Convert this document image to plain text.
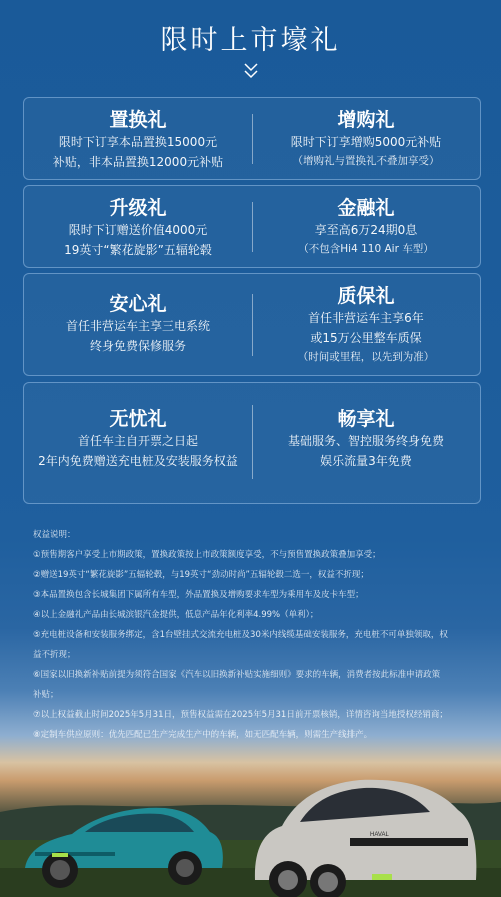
限时上市壕礼
置换礼
限时下订享本品置换15000元
补贴，非本品置换12000元补贴
增购礼
限时下订享增购5000元补贴
（增购礼与置换礼不叠加享受）
升级礼
限时下订赠送价值4000元
19英寸“繁花旋影”五辐轮毂
金融礼
享至高6万24期0息
（不包含Hi4 110 Air 车型）
安心礼
首任非营运车主享三电系统
终身免费保修服务
质保礼
首任非营运车主享6年
或15万公里整车质保
（时间或里程，以先到为准）
无忧礼
首任车主自开票之日起
2年内免费赠送充电桩及安装服务权益
畅享礼
基础服务、智控服务终身免费
娱乐流量3年免费

权益说明：

①预售期客户享受上市期政策，置换政策按上市政策额度享受，不与预售置换政策叠加享受；

②赠送19英寸“繁花旋影”五辐轮毂，与19英寸“劲动时尚”五辐轮毂二选一，权益不折现；

③本品置换包含长城集团下属所有车型，外品置换及增购要求车型为乘用车及皮卡车型；

④以上金融礼产品由长城滨银汽金提供，低息产品年化利率4.99%（单利）；

⑤充电桩设备和安装服务绑定，含1台壁挂式交流充电桩及30米内线缆基础安装服务，充电桩不可单独领取，权

益不折现；

⑥国家以旧换新补贴前提为须符合国家《汽车以旧换新补贴实施细则》要求的车辆，消费者按此标准申请政策

补贴；

⑦以上权益截止时间2025年5月31日，预售权益需在2025年5月31日前开票核销，详情咨询当地授权经销商；

⑧定制车供应原则：优先匹配已生产完成生产中的车辆，如无匹配车辆，则需生产线排产。

HAVAL
